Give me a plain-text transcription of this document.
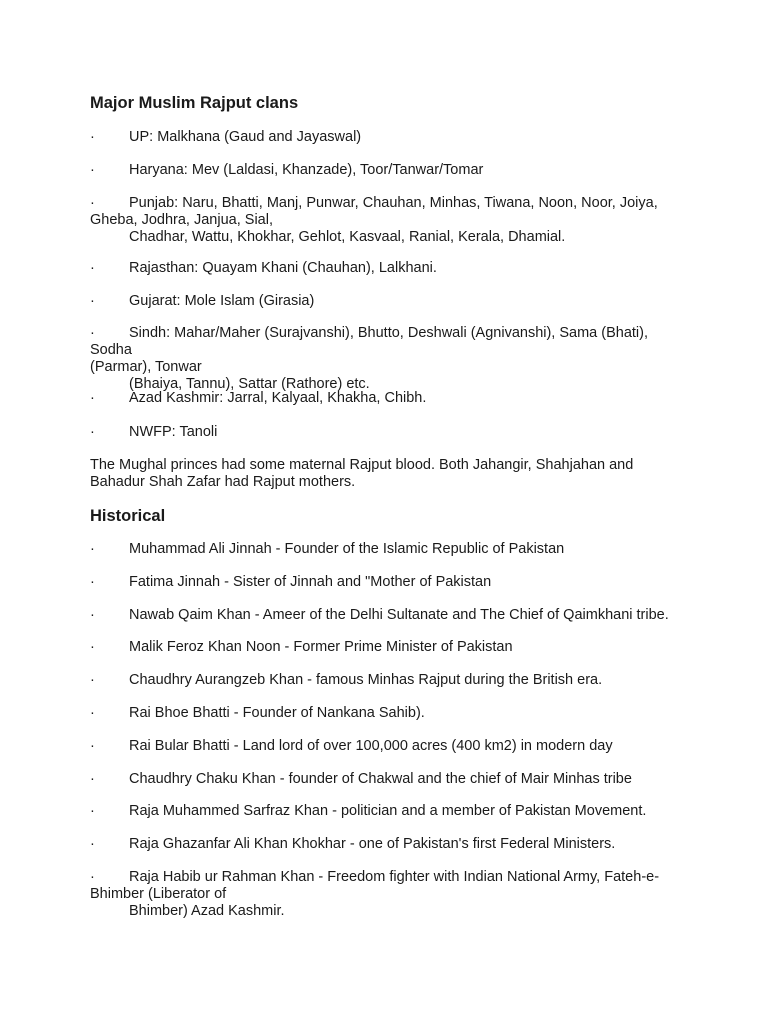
Major Muslim Rajput clans

· UP: Malkhana (Gaud and Jayaswal)

· Haryana: Mev (Laldasi, Khanzade), Toor/Tanwar/Tomar

· Punjab: Naru, Bhatti, Manj, Punwar, Chauhan, Minhas, Tiwana, Noon, Noor, Joiya,
Gheba, Jodhra, Janjua, Sial,
Chadhar, Wattu, Khokhar, Gehlot, Kasvaal, Ranial, Kerala, Dhamial.

· Rajasthan: Quayam Khani (Chauhan), Lalkhani.

· Gujarat: Mole Islam (Girasia)

· Sindh: Mahar/Maher (Surajvanshi), Bhutto, Deshwali (Agnivanshi), Sama (Bhati), Sodha
(Parmar), Tonwar
(Bhaiya, Tannu), Sattar (Rathore) etc.

· Azad Kashmir: Jarral, Kalyaal, Khakha, Chibh.

· NWFP: Tanoli

The Mughal princes had some maternal Rajput blood. Both Jahangir, Shahjahan and Bahadur Shah Zafar had Rajput mothers.

Historical

· Muhammad Ali Jinnah - Founder of the Islamic Republic of Pakistan

· Fatima Jinnah - Sister of Jinnah and "Mother of Pakistan

· Nawab Qaim Khan - Ameer of the Delhi Sultanate and The Chief of Qaimkhani tribe.

· Malik Feroz Khan Noon - Former Prime Minister of Pakistan

· Chaudhry Aurangzeb Khan - famous Minhas Rajput during the British era.

· Rai Bhoe Bhatti - Founder of Nankana Sahib).

· Rai Bular Bhatti - Land lord of over 100,000 acres (400 km2) in modern day

· Chaudhry Chaku Khan - founder of Chakwal and the chief of Mair Minhas tribe

· Raja Muhammed Sarfraz Khan - politician and a member of Pakistan Movement.

· Raja Ghazanfar Ali Khan Khokhar - one of Pakistan's first Federal Ministers.

· Raja Habib ur Rahman Khan - Freedom fighter with Indian National Army, Fateh-e-
Bhimber (Liberator of
Bhimber) Azad Kashmir.
